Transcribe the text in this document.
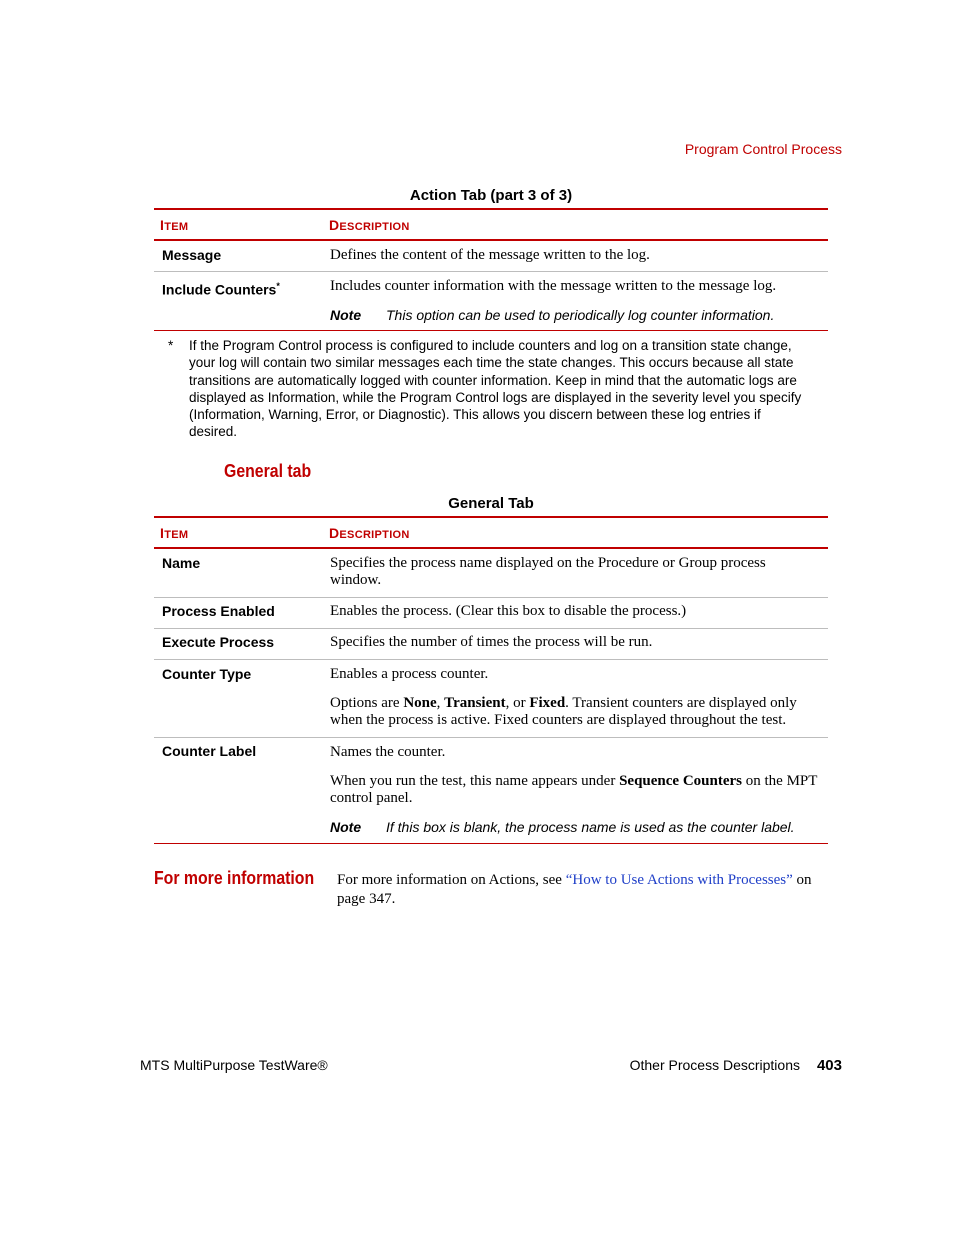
Program Control Process
Action Tab (part 3 of 3)
ITEM	DESCRIPTION
Message	Defines the content of the message written to the log.
Include Counters*	Includes counter information with the message written to the message log.
Note This option can be used to periodically log counter information.
* If the Program Control process is configured to include counters and log on a transition state change, your log will contain two similar messages each time the state changes. This occurs because all state transitions are automatically logged with counter information. Keep in mind that the automatic logs are displayed as Information, while the Program Control logs are displayed in the severity level you specify (Information, Warning, Error, or Diagnostic). This allows you discern between these log entries if desired.
General tab
General Tab
ITEM	DESCRIPTION
Name	Specifies the process name displayed on the Procedure or Group process window.
Process Enabled	Enables the process. (Clear this box to disable the process.)
Execute Process	Specifies the number of times the process will be run.
Counter Type	Enables a process counter.
Options are None, Transient, or Fixed. Transient counters are displayed only when the process is active. Fixed counters are displayed throughout the test.
Counter Label	Names the counter.
When you run the test, this name appears under Sequence Counters on the MPT control panel.
Note If this box is blank, the process name is used as the counter label.
For more information For more information on Actions, see “How to Use Actions with Processes” on page 347.
MTS MultiPurpose TestWare®	Other Process Descriptions 403
